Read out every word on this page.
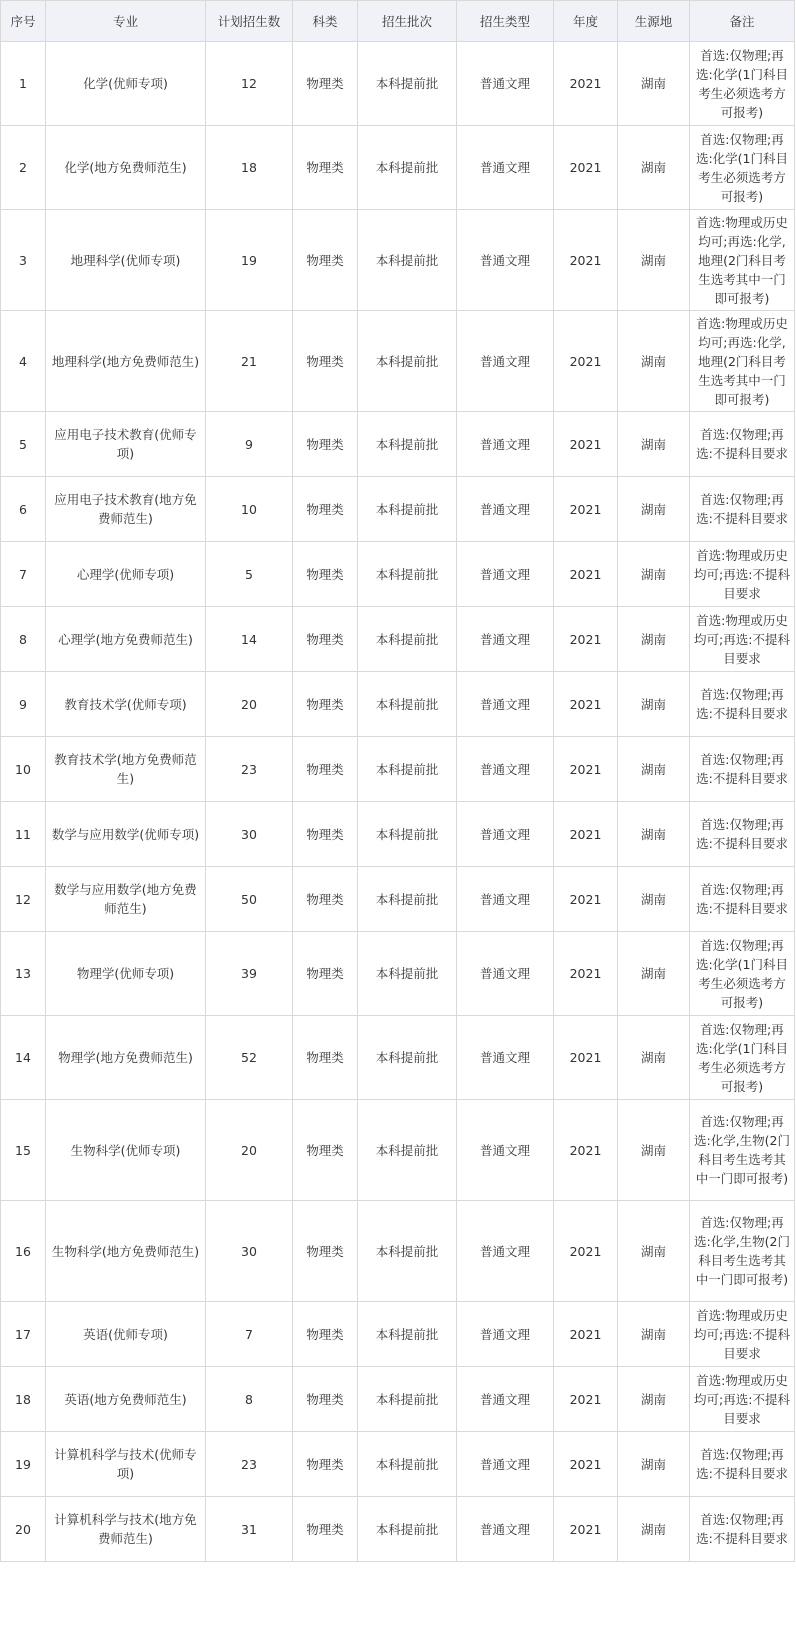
序号	专业	计划招生数	科类	招生批次	招生类型	年度	生源地	备注
1	化学(优师专项)	12	物理类	本科提前批	普通文理	2021	湖南	首选:仅物理;再选:化学(1门科目考生必须选考方可报考)
2	化学(地方免费师范生)	18	物理类	本科提前批	普通文理	2021	湖南	首选:仅物理;再选:化学(1门科目考生必须选考方可报考)
3	地理科学(优师专项)	19	物理类	本科提前批	普通文理	2021	湖南	首选:物理或历史均可;再选:化学,地理(2门科目考生选考其中一门即可报考)
4	地理科学(地方免费师范生)	21	物理类	本科提前批	普通文理	2021	湖南	首选:物理或历史均可;再选:化学,地理(2门科目考生选考其中一门即可报考)
5	应用电子技术教育(优师专项)	9	物理类	本科提前批	普通文理	2021	湖南	首选:仅物理;再选:不提科目要求
6	应用电子技术教育(地方免费师范生)	10	物理类	本科提前批	普通文理	2021	湖南	首选:仅物理;再选:不提科目要求
7	心理学(优师专项)	5	物理类	本科提前批	普通文理	2021	湖南	首选:物理或历史均可;再选:不提科目要求
8	心理学(地方免费师范生)	14	物理类	本科提前批	普通文理	2021	湖南	首选:物理或历史均可;再选:不提科目要求
9	教育技术学(优师专项)	20	物理类	本科提前批	普通文理	2021	湖南	首选:仅物理;再选:不提科目要求
10	教育技术学(地方免费师范生)	23	物理类	本科提前批	普通文理	2021	湖南	首选:仅物理;再选:不提科目要求
11	数学与应用数学(优师专项)	30	物理类	本科提前批	普通文理	2021	湖南	首选:仅物理;再选:不提科目要求
12	数学与应用数学(地方免费师范生)	50	物理类	本科提前批	普通文理	2021	湖南	首选:仅物理;再选:不提科目要求
13	物理学(优师专项)	39	物理类	本科提前批	普通文理	2021	湖南	首选:仅物理;再选:化学(1门科目考生必须选考方可报考)
14	物理学(地方免费师范生)	52	物理类	本科提前批	普通文理	2021	湖南	首选:仅物理;再选:化学(1门科目考生必须选考方可报考)
15	生物科学(优师专项)	20	物理类	本科提前批	普通文理	2021	湖南	首选:仅物理;再选:化学,生物(2门科目考生选考其中一门即可报考)
16	生物科学(地方免费师范生)	30	物理类	本科提前批	普通文理	2021	湖南	首选:仅物理;再选:化学,生物(2门科目考生选考其中一门即可报考)
17	英语(优师专项)	7	物理类	本科提前批	普通文理	2021	湖南	首选:物理或历史均可;再选:不提科目要求
18	英语(地方免费师范生)	8	物理类	本科提前批	普通文理	2021	湖南	首选:物理或历史均可;再选:不提科目要求
19	计算机科学与技术(优师专项)	23	物理类	本科提前批	普通文理	2021	湖南	首选:仅物理;再选:不提科目要求
20	计算机科学与技术(地方免费师范生)	31	物理类	本科提前批	普通文理	2021	湖南	首选:仅物理;再选:不提科目要求
